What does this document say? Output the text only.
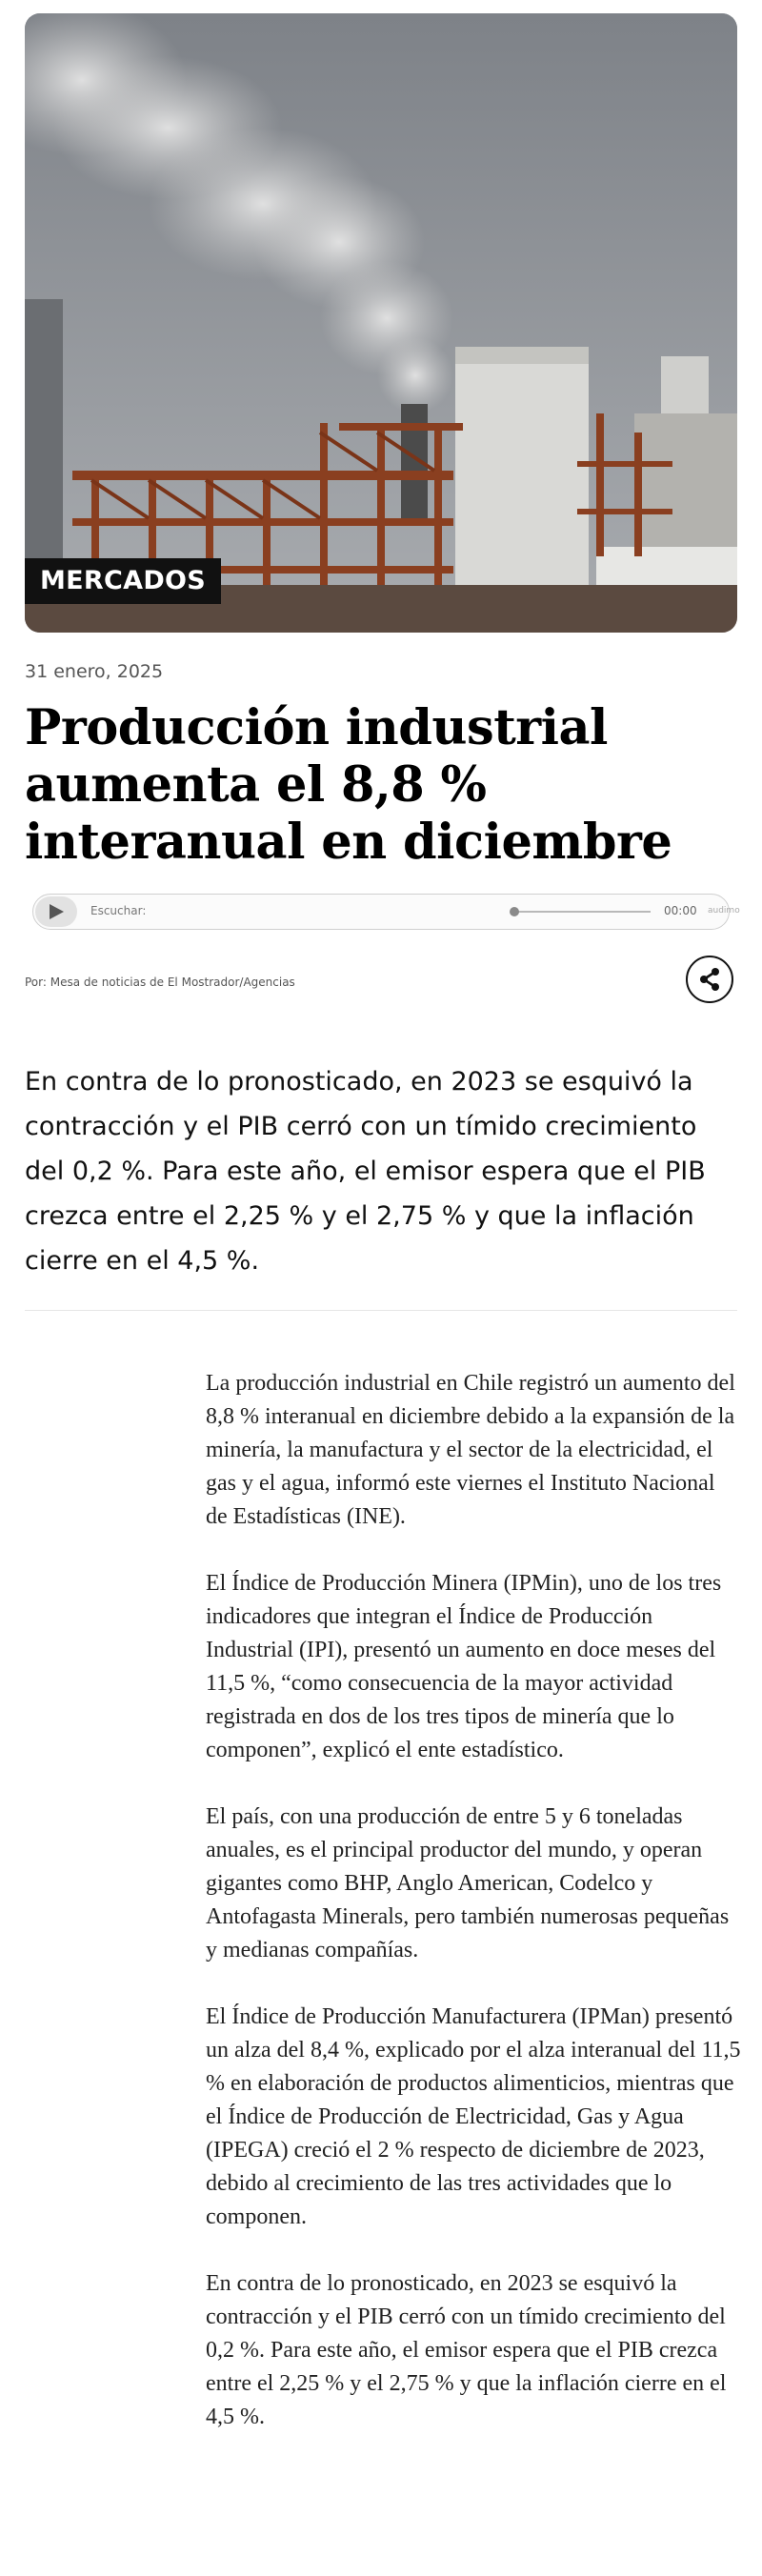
MERCADOS
31 enero, 2025
Producción industrial aumenta el 8,8 % interanual en diciembre
Escuchar:	00:00 audimo
Por: Mesa de noticias de El Mostrador/Agencias

En contra de lo pronosticado, en 2023 se esquivó la contracción y el PIB cerró con un tímido crecimiento del 0,2 %. Para este año, el emisor espera que el PIB crezca entre el 2,25 % y el 2,75 % y que la inflación cierre en el 4,5 %.

La producción industrial en Chile registró un aumento del 8,8 % interanual en diciembre debido a la expansión de la minería, la manufactura y el sector de la electricidad, el gas y el agua, informó este viernes el Instituto Nacional de Estadísticas (INE).

El Índice de Producción Minera (IPMin), uno de los tres indicadores que integran el Índice de Producción Industrial (IPI), presentó un aumento en doce meses del 11,5 %, “como consecuencia de la mayor actividad registrada en dos de los tres tipos de minería que lo componen”, explicó el ente estadístico.

El país, con una producción de entre 5 y 6 toneladas anuales, es el principal productor del mundo, y operan gigantes como BHP, Anglo American, Codelco y Antofagasta Minerals, pero también numerosas pequeñas y medianas compañías.

El Índice de Producción Manufacturera (IPMan) presentó un alza del 8,4 %, explicado por el alza interanual del 11,5 % en elaboración de productos alimenticios, mientras que el Índice de Producción de Electricidad, Gas y Agua (IPEGA) creció el 2 % respecto de diciembre de 2023, debido al crecimiento de las tres actividades que lo componen.

En contra de lo pronosticado, en 2023 se esquivó la contracción y el PIB cerró con un tímido crecimiento del 0,2 %. Para este año, el emisor espera que el PIB crezca entre el 2,25 % y el 2,75 % y que la inflación cierre en el 4,5 %.
